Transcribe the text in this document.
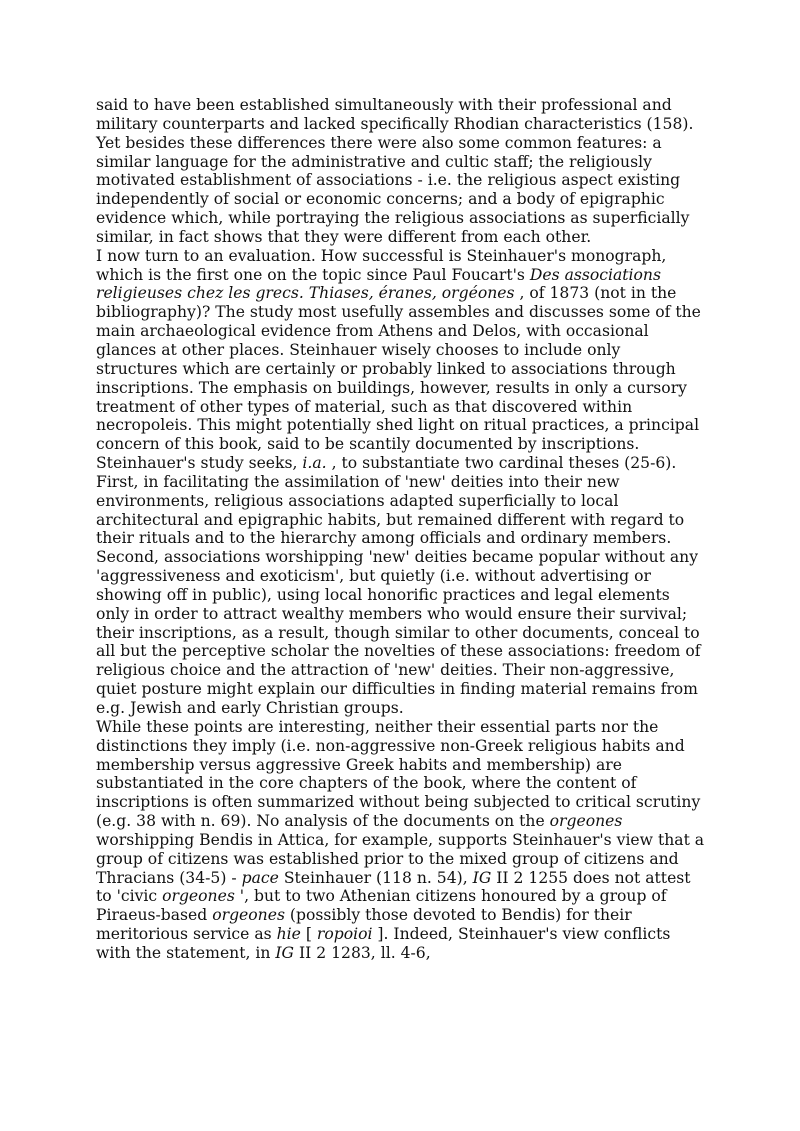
said to have been established simultaneously with their professional and military counterparts and lacked specifically Rhodian characteristics (158). Yet besides these differences there were also some common features: a similar language for the administrative and cultic staff; the religiously motivated establishment of associations - i.e. the religious aspect existing independently of social or economic concerns; and a body of epigraphic evidence which, while portraying the religious associations as superficially similar, in fact shows that they were different from each other.

I now turn to an evaluation. How successful is Steinhauer's monograph, which is the first one on the topic since Paul Foucart's Des associations religieuses chez les grecs. Thiases, éranes, orgéones , of 1873 (not in the bibliography)? The study most usefully assembles and discusses some of the main archaeological evidence from Athens and Delos, with occasional glances at other places. Steinhauer wisely chooses to include only structures which are certainly or probably linked to associations through inscriptions. The emphasis on buildings, however, results in only a cursory treatment of other types of material, such as that discovered within necropoleis. This might potentially shed light on ritual practices, a principal concern of this book, said to be scantily documented by inscriptions.

Steinhauer's study seeks, i.a. , to substantiate two cardinal theses (25-6). First, in facilitating the assimilation of 'new' deities into their new environments, religious associations adapted superficially to local architectural and epigraphic habits, but remained different with regard to their rituals and to the hierarchy among officials and ordinary members. Second, associations worshipping 'new' deities became popular without any 'aggressiveness and exoticism', but quietly (i.e. without advertising or showing off in public), using local honorific practices and legal elements only in order to attract wealthy members who would ensure their survival; their inscriptions, as a result, though similar to other documents, conceal to all but the perceptive scholar the novelties of these associations: freedom of religious choice and the attraction of 'new' deities. Their non-aggressive, quiet posture might explain our difficulties in finding material remains from e.g. Jewish and early Christian groups.

While these points are interesting, neither their essential parts nor the distinctions they imply (i.e. non-aggressive non-Greek religious habits and membership versus aggressive Greek habits and membership) are substantiated in the core chapters of the book, where the content of inscriptions is often summarized without being subjected to critical scrutiny (e.g. 38 with n. 69). No analysis of the documents on the orgeones worshipping Bendis in Attica, for example, supports Steinhauer's view that a group of citizens was established prior to the mixed group of citizens and Thracians (34-5) - pace Steinhauer (118 n. 54), IG II 2 1255 does not attest to 'civic orgeones ', but to two Athenian citizens honoured by a group of Piraeus-based orgeones (possibly those devoted to Bendis) for their meritorious service as hie [ ropoioi ]. Indeed, Steinhauer's view conflicts with the statement, in IG II 2 1283, ll. 4-6,
